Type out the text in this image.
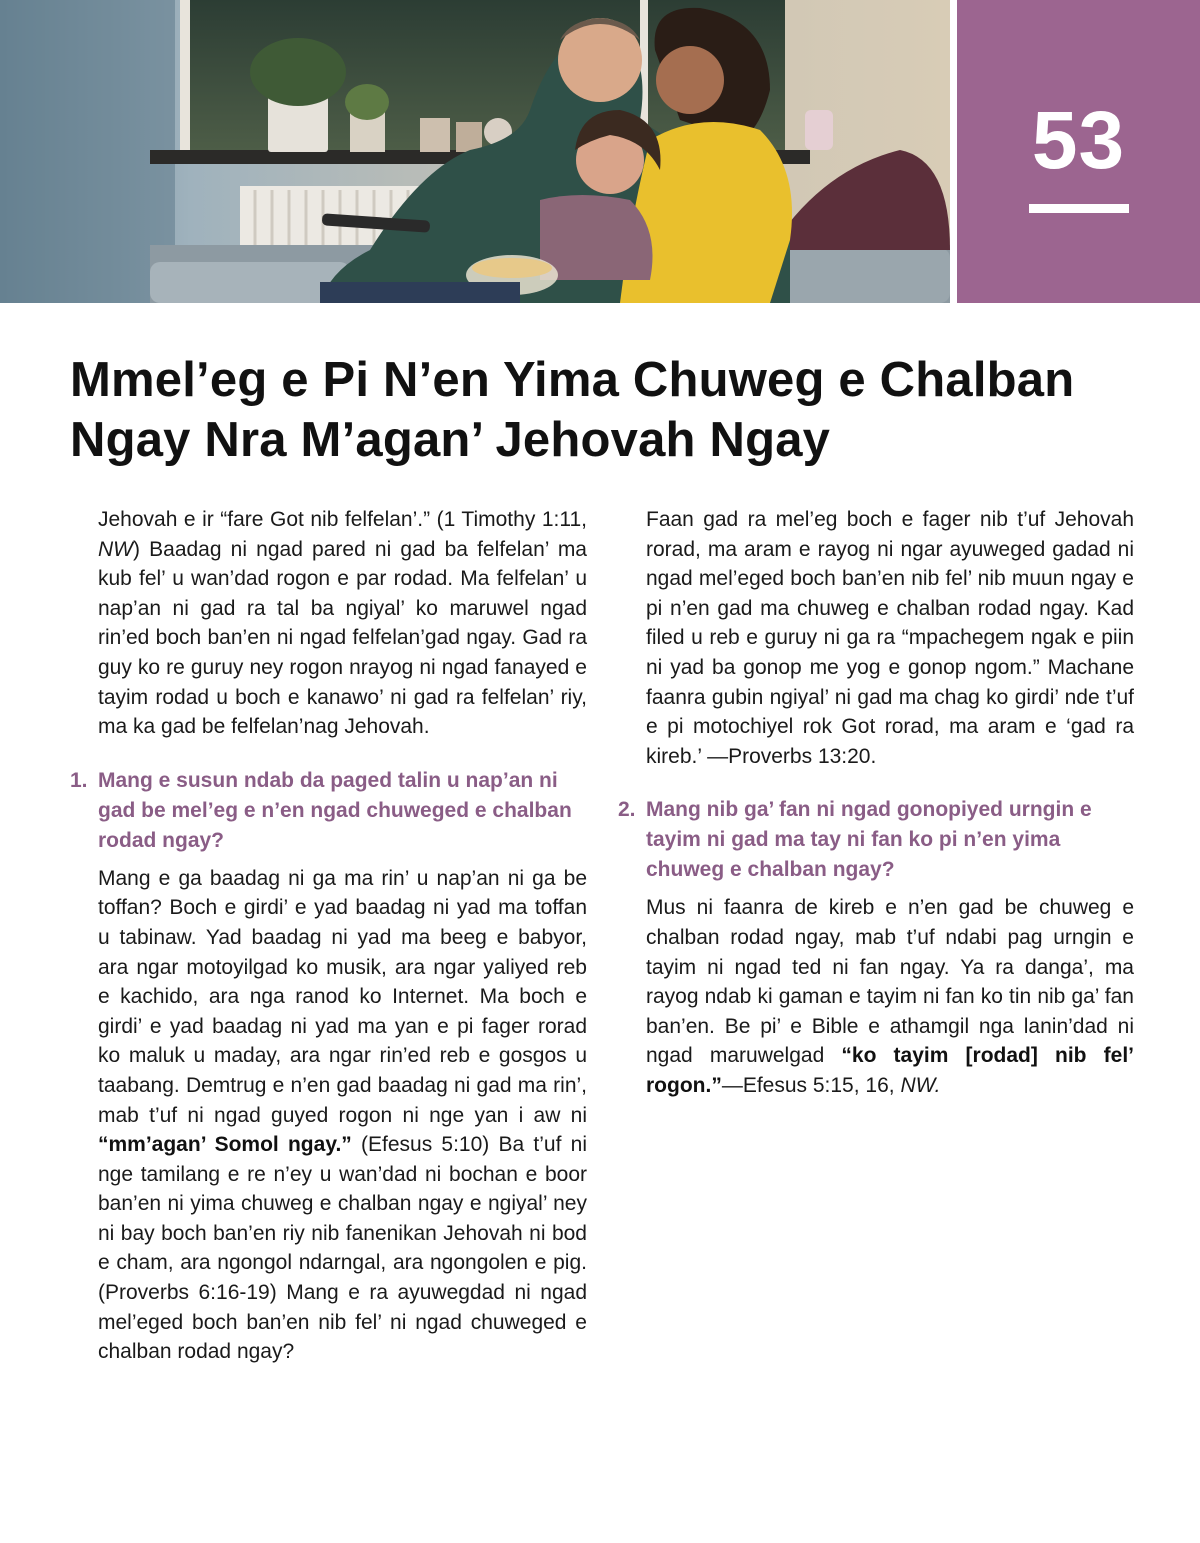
53
Mmel’eg e Pi N’en Yima Chuweg e Chalban
Ngay Nra M’agan’ Jehovah Ngay

Jehovah e ir “fare Got nib felfelan’.” (1 Timothy 1:11, NW) Baadag ni ngad pared ni gad ba felfelan’ ma kub fel’ u wan’dad rogon e par rodad. Ma felfelan’ u nap’an ni gad ra tal ba ngiyal’ ko maruwel ngad rin’ed boch ban’en ni ngad felfelan’gad ngay. Gad ra guy ko re guruy ney rogon nrayog ni ngad fanayed e tayim rodad u boch e kanawo’ ni gad ra felfelan’ riy, ma ka gad be felfelan’nag Jehovah.

1. Mang e susun ndab da paged talin u nap’an ni gad be mel’eg e n’en ngad chuweged e chalban rodad ngay?

Mang e ga baadag ni ga ma rin’ u nap’an ni ga be toffan? Boch e girdi’ e yad baadag ni yad ma toffan u tabinaw. Yad baadag ni yad ma beeg e babyor, ara ngar motoyilgad ko musik, ara ngar yaliyed reb e kachido, ara nga ranod ko Internet. Ma boch e girdi’ e yad baadag ni yad ma yan e pi fager rorad ko maluk u maday, ara ngar rin’ed reb e gosgos u taabang. Demtrug e n’en gad baadag ni gad ma rin’, mab t’uf ni ngad guyed rogon ni nge yan i aw ni “mm’agan’ Somol ngay.” (Efesus 5:10) Ba t’uf ni nge tamilang e re n’ey u wan’dad ni bochan e boor ban’en ni yima chuweg e chalban ngay e ngiyal’ ney ni bay boch ban’en riy nib fanenikan Jehovah ni bod e cham, ara ngongol ndarngal, ara ngongolen e pig. (Proverbs 6:16-19) Mang e ra ayuwegdad ni ngad mel’eged boch ban’en nib fel’ ni ngad chuweged e chalban rodad ngay?

Faan gad ra mel’eg boch e fager nib t’uf Jehovah rorad, ma aram e rayog ni ngar ayuweged gadad ni ngad mel’eged boch ban’en nib fel’ nib muun ngay e pi n’en gad ma chuweg e chalban rodad ngay. Kad filed u reb e guruy ni ga ra “mpachegem ngak e piin ni yad ba gonop me yog e gonop ngom.” Machane faanra gubin ngiyal’ ni gad ma chag ko girdi’ nde t’uf e pi motochiyel rok Got rorad, ma aram e ‘gad ra kireb.’ —Proverbs 13:20.

2. Mang nib ga’ fan ni ngad gonopiyed urngin e tayim ni gad ma tay ni fan ko pi n’en yima chuweg e chalban ngay?

Mus ni faanra de kireb e n’en gad be chuweg e chalban rodad ngay, mab t’uf ndabi pag urngin e tayim ni ngad ted ni fan ngay. Ya ra danga’, ma rayog ndab ki gaman e tayim ni fan ko tin nib ga’ fan ban’en. Be pi’ e Bible e athamgil nga lanin’dad ni ngad maruwelgad “ko tayim [rodad] nib fel’ rogon.”—Efesus 5:15, 16, NW.
